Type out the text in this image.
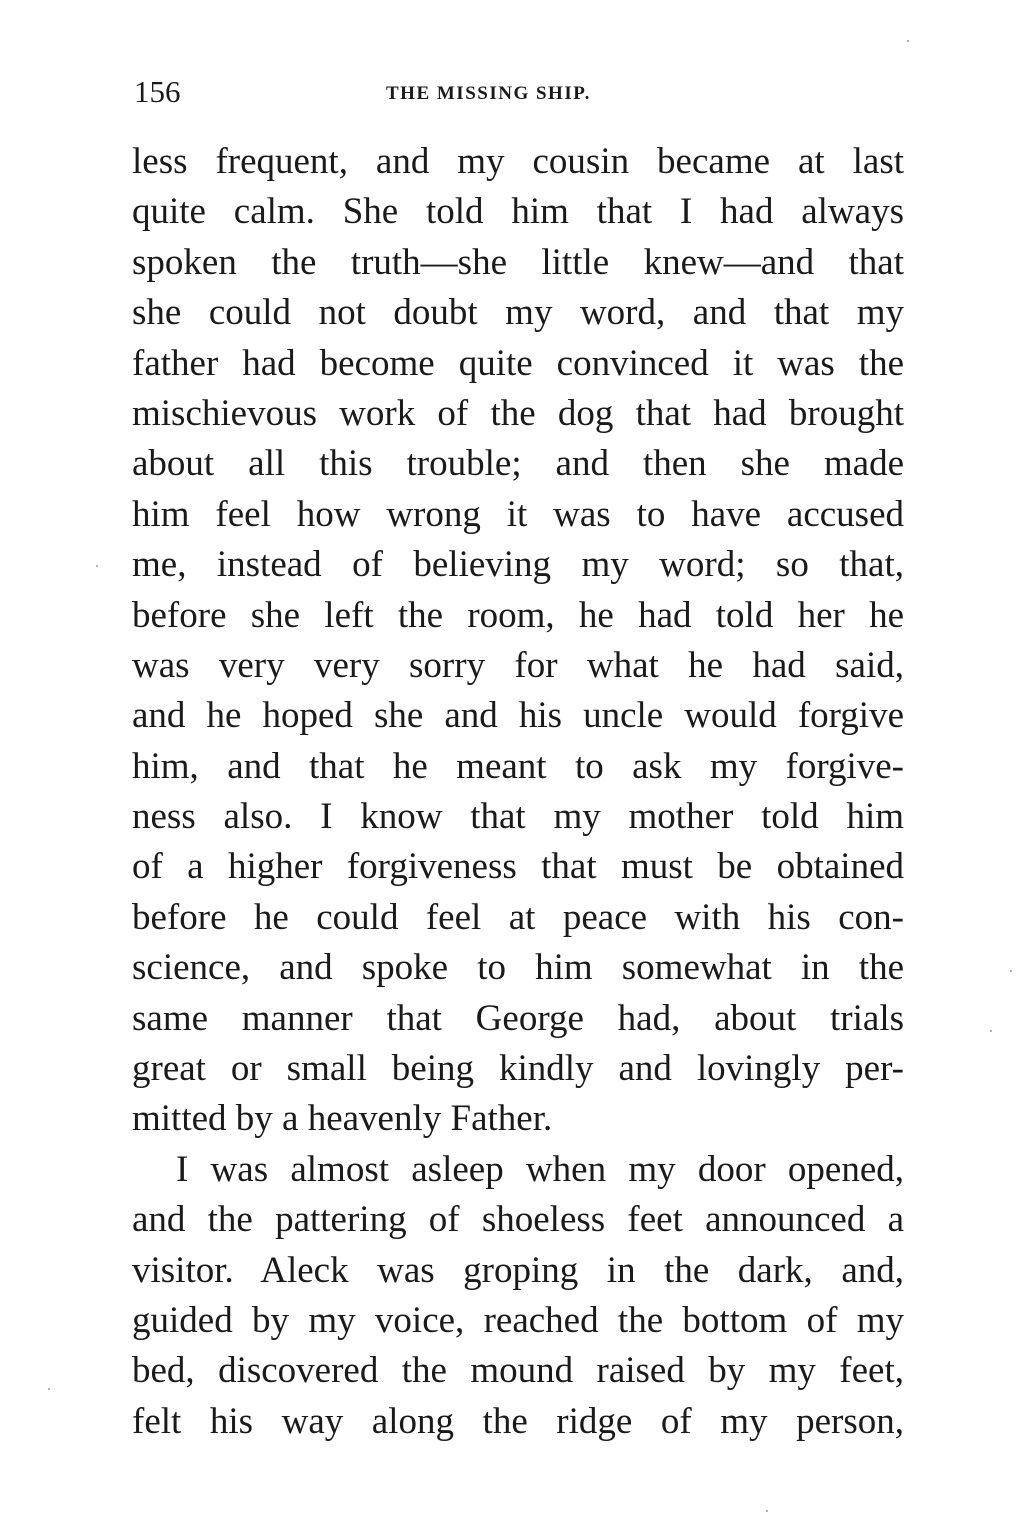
156	THE MISSING SHIP.
less frequent, and my cousin became at last
quite calm. She told him that I had always
spoken the truth—she little knew—and that
she could not doubt my word, and that my
father had become quite convinced it was the
mischievous work of the dog that had brought
about all this trouble; and then she made
him feel how wrong it was to have accused
me, instead of believing my word; so that,
before she left the room, he had told her he
was very very sorry for what he had said,
and he hoped she and his uncle would forgive
him, and that he meant to ask my forgive-
ness also. I know that my mother told him
of a higher forgiveness that must be obtained
before he could feel at peace with his con-
science, and spoke to him somewhat in the
same manner that George had, about trials
great or small being kindly and lovingly per-
mitted by a heavenly Father.
I was almost asleep when my door opened,
and the pattering of shoeless feet announced a
visitor. Aleck was groping in the dark, and,
guided by my voice, reached the bottom of my
bed, discovered the mound raised by my feet,
felt his way along the ridge of my person,
